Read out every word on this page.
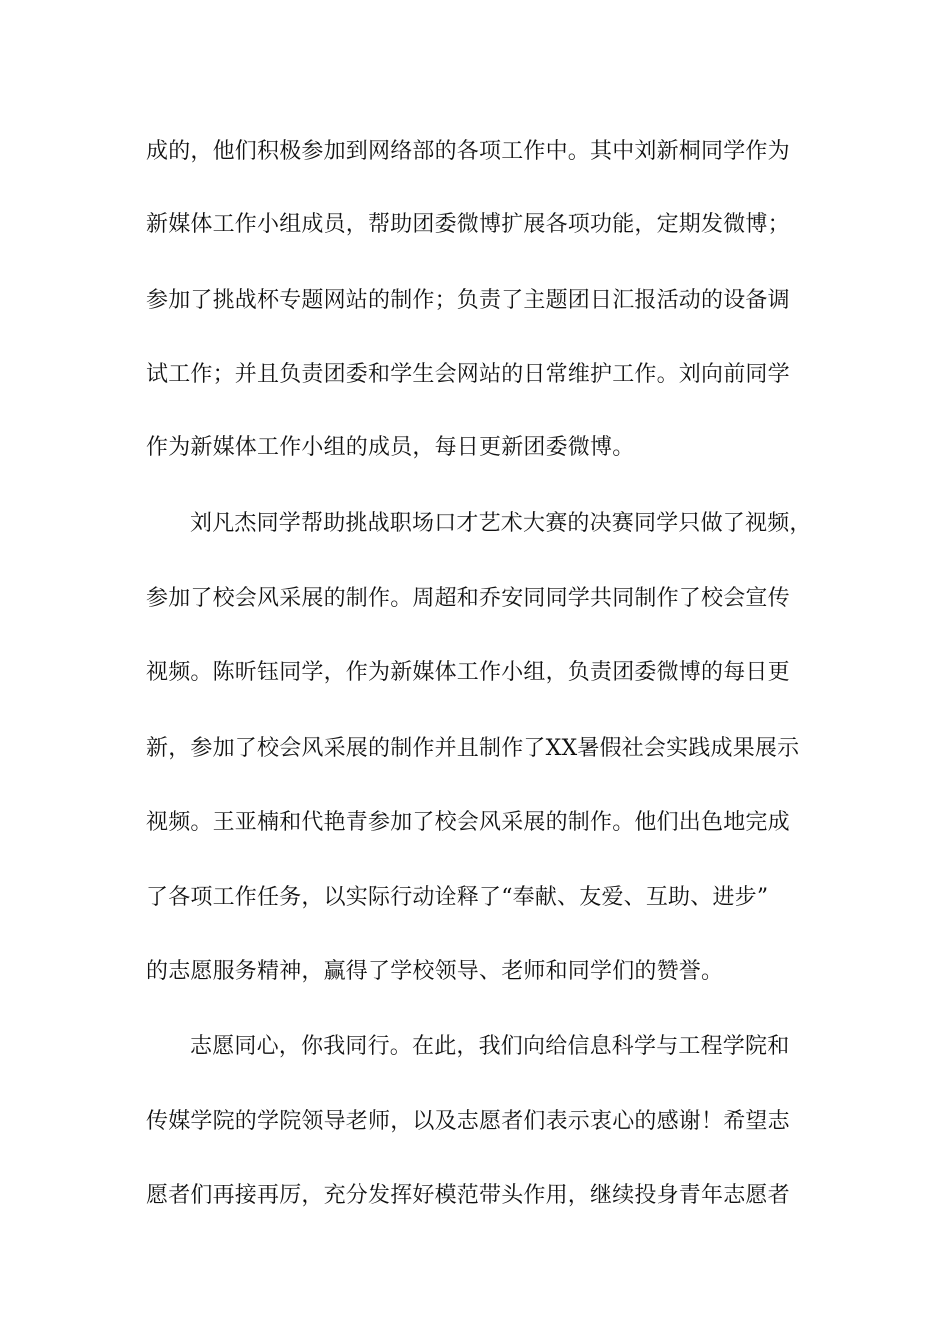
成的，他们积极参加到网络部的各项工作中。其中刘新桐同学作为
新媒体工作小组成员，帮助团委微博扩展各项功能，定期发微博；
参加了挑战杯专题网站的制作；负责了主题团日汇报活动的设备调
试工作；并且负责团委和学生会网站的日常维护工作。刘向前同学
作为新媒体工作小组的成员，每日更新团委微博。
刘凡杰同学帮助挑战职场口才艺术大赛的决赛同学只做了视频，
参加了校会风采展的制作。周超和乔安同同学共同制作了校会宣传
视频。陈昕钰同学，作为新媒体工作小组，负责团委微博的每日更
新，参加了校会风采展的制作并且制作了XX暑假社会实践成果展示
视频。王亚楠和代艳青参加了校会风采展的制作。他们出色地完成
了各项工作任务，以实际行动诠释了“奉献、友爱、互助、进步”
的志愿服务精神，赢得了学校领导、老师和同学们的赞誉。
志愿同心，你我同行。在此，我们向给信息科学与工程学院和
传媒学院的学院领导老师，以及志愿者们表示衷心的感谢！希望志
愿者们再接再厉，充分发挥好模范带头作用，继续投身青年志愿者
